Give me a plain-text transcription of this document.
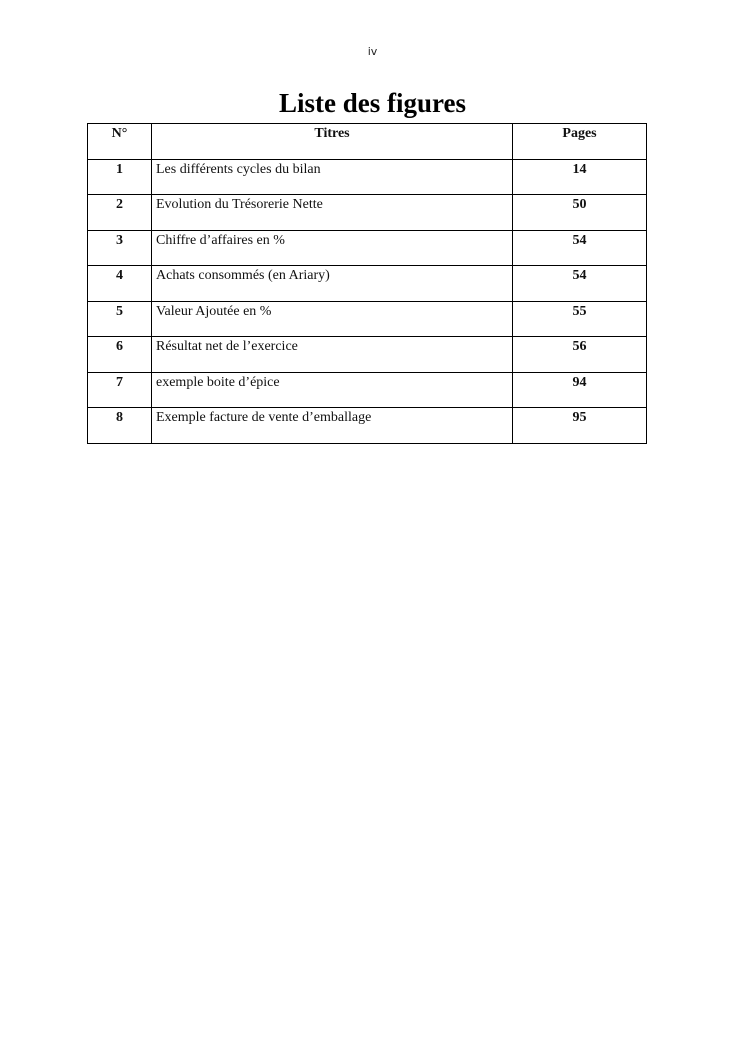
iv
Liste des figures
N°	Titres	Pages
1	Les différents cycles du bilan	14
2	Evolution du Trésorerie Nette	50
3	Chiffre d’affaires en %	54
4	Achats consommés (en Ariary)	54
5	Valeur Ajoutée en %	55
6	Résultat net de l’exercice	56
7	exemple boite d’épice	94
8	Exemple facture de vente d’emballage	95
